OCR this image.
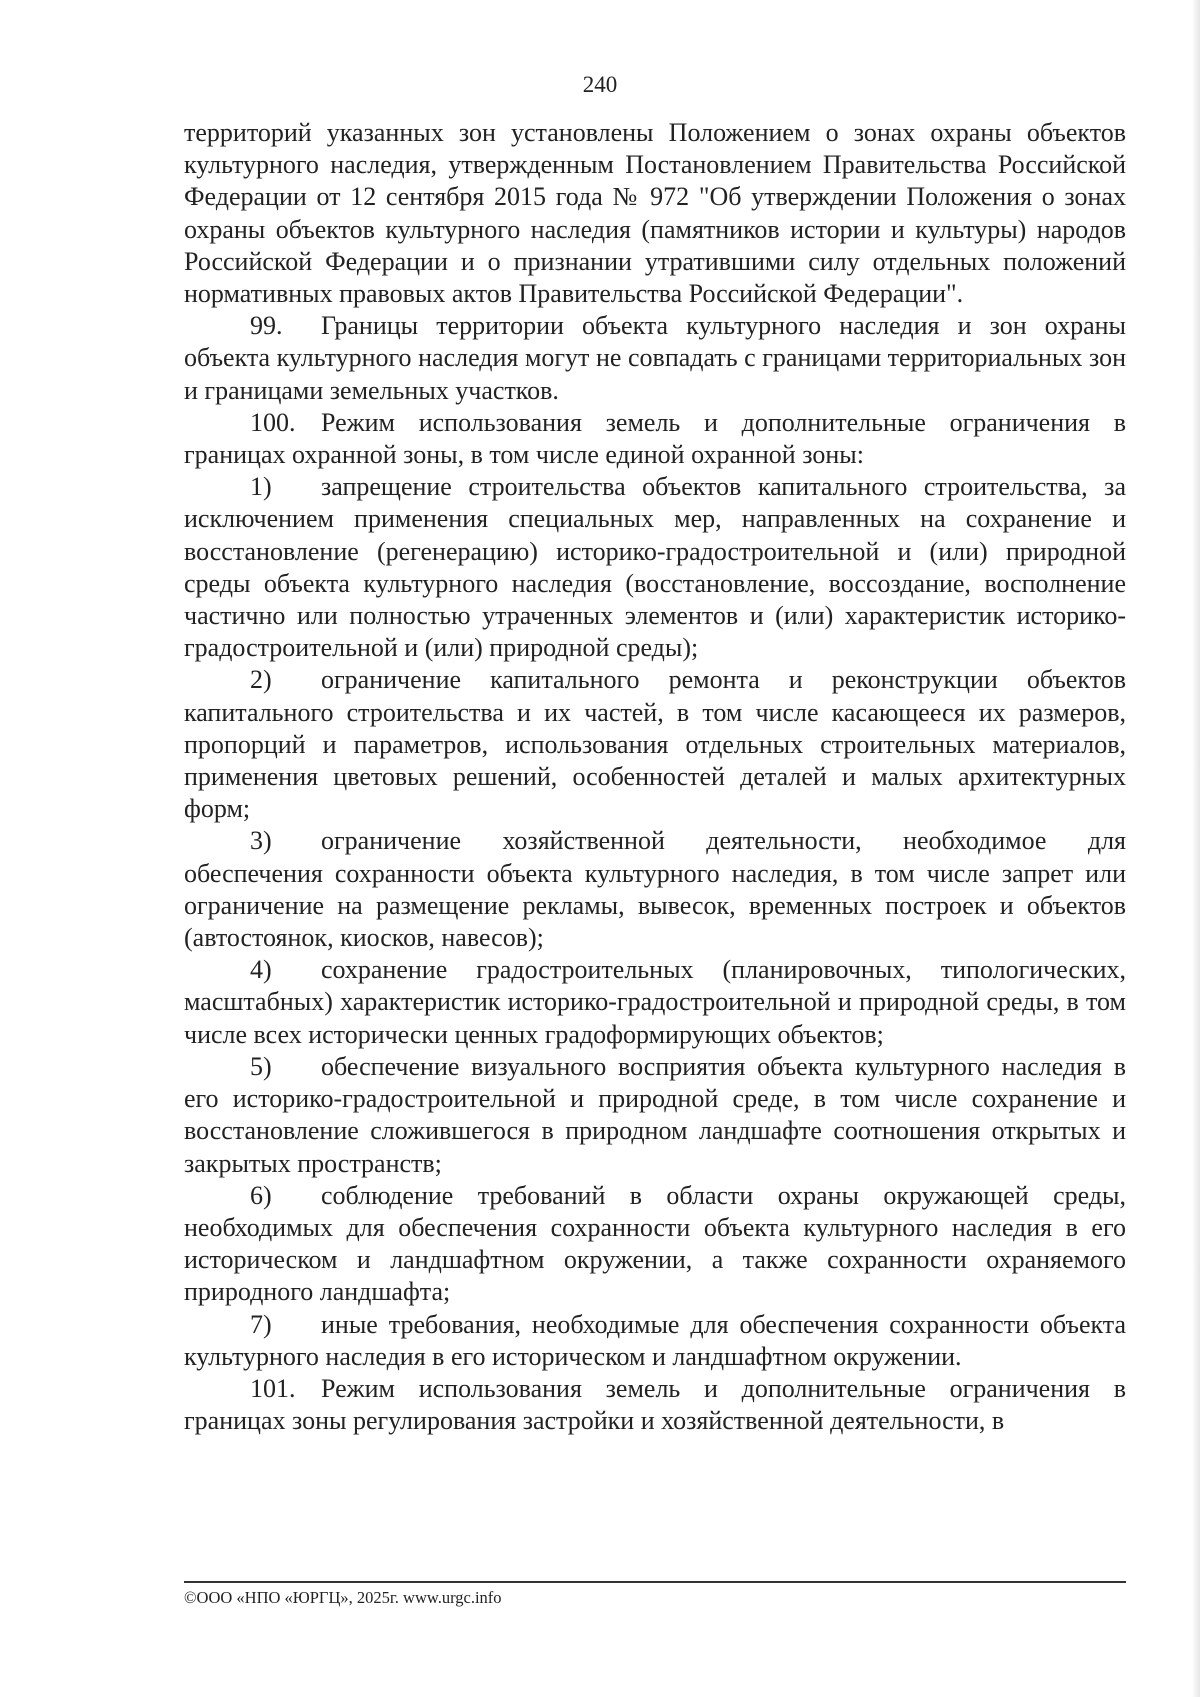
240

территорий указанных зон установлены Положением о зонах охраны объектов культурного наследия, утвержденным Постановлением Правительства Российской Федерации от 12 сентября 2015 года № 972 "Об утверждении Положения о зонах охраны объектов культурного наследия (памятников истории и культуры) народов Российской Федерации и о признании утратившими силу отдельных положений нормативных правовых актов Правительства Российской Федерации".

99. Границы территории объекта культурного наследия и зон охраны объекта культурного наследия могут не совпадать с границами территориальных зон и границами земельных участков.

100. Режим использования земель и дополнительные ограничения в границах охранной зоны, в том числе единой охранной зоны:

1) запрещение строительства объектов капитального строительства, за исключением применения специальных мер, направленных на сохранение и восстановление (регенерацию) историко-градостроительной и (или) природной среды объекта культурного наследия (восстановление, воссоздание, восполнение частично или полностью утраченных элементов и (или) характеристик историко-градостроительной и (или) природной среды);

2) ограничение капитального ремонта и реконструкции объектов капитального строительства и их частей, в том числе касающееся их размеров, пропорций и параметров, использования отдельных строительных материалов, применения цветовых решений, особенностей деталей и малых архитектурных форм;

3) ограничение хозяйственной деятельности, необходимое для обеспечения сохранности объекта культурного наследия, в том числе запрет или ограничение на размещение рекламы, вывесок, временных построек и объектов (автостоянок, киосков, навесов);

4) сохранение градостроительных (планировочных, типологических, масштабных) характеристик историко-градостроительной и природной среды, в том числе всех исторически ценных градоформирующих объектов;

5) обеспечение визуального восприятия объекта культурного наследия в его историко-градостроительной и природной среде, в том числе сохранение и восстановление сложившегося в природном ландшафте соотношения открытых и закрытых пространств;

6) соблюдение требований в области охраны окружающей среды, необходимых для обеспечения сохранности объекта культурного наследия в его историческом и ландшафтном окружении, а также сохранности охраняемого природного ландшафта;

7) иные требования, необходимые для обеспечения сохранности объекта культурного наследия в его историческом и ландшафтном окружении.

101. Режим использования земель и дополнительные ограничения в границах зоны регулирования застройки и хозяйственной деятельности, в

©ООО «НПО «ЮРГЦ», 2025г. www.urgc.info
